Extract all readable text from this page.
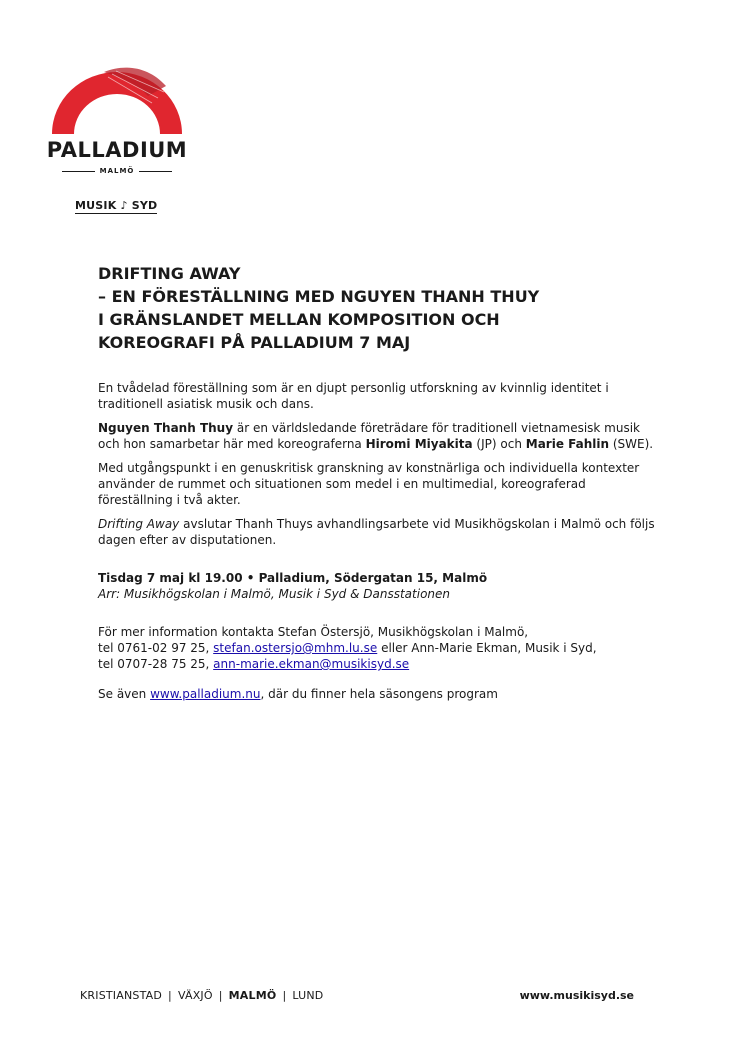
PALLADIUM
MALMÖ
MUSIK ♪ SYD
DRIFTING AWAY
– EN FÖRESTÄLLNING MED NGUYEN THANH THUY
I GRÄNSLANDET MELLAN KOMPOSITION OCH
KOREOGRAFI PÅ PALLADIUM 7 MAJ

En tvådelad föreställning som är en djupt personlig utforskning av kvinnlig identitet i traditionell asiatisk musik och dans.

Nguyen Thanh Thuy är en världsledande företrädare för traditionell vietnamesisk musik och hon samarbetar här med koreograferna Hiromi Miyakita (JP) och Marie Fahlin (SWE).

Med utgångspunkt i en genuskritisk granskning av konstnärliga och individuella kontexter använder de rummet och situationen som medel i en multimedial, koreograferad föreställning i två akter.

Drifting Away avslutar Thanh Thuys avhandlingsarbete vid Musikhögskolan i Malmö och följs dagen efter av disputationen.

Tisdag 7 maj kl 19.00 • Palladium, Södergatan 15, Malmö

Arr: Musikhögskolan i Malmö, Musik i Syd & Dansstationen

För mer information kontakta Stefan Östersjö, Musikhögskolan i Malmö,
tel 0761-02 97 25, stefan.ostersjo@mhm.lu.se eller Ann-Marie Ekman, Musik i Syd,
tel 0707-28 75 25, ann-marie.ekman@musikisyd.se

Se även www.palladium.nu, där du finner hela säsongens program

KRISTIANSTAD | VÄXJÖ | MALMÖ | LUND	www.musikisyd.se
